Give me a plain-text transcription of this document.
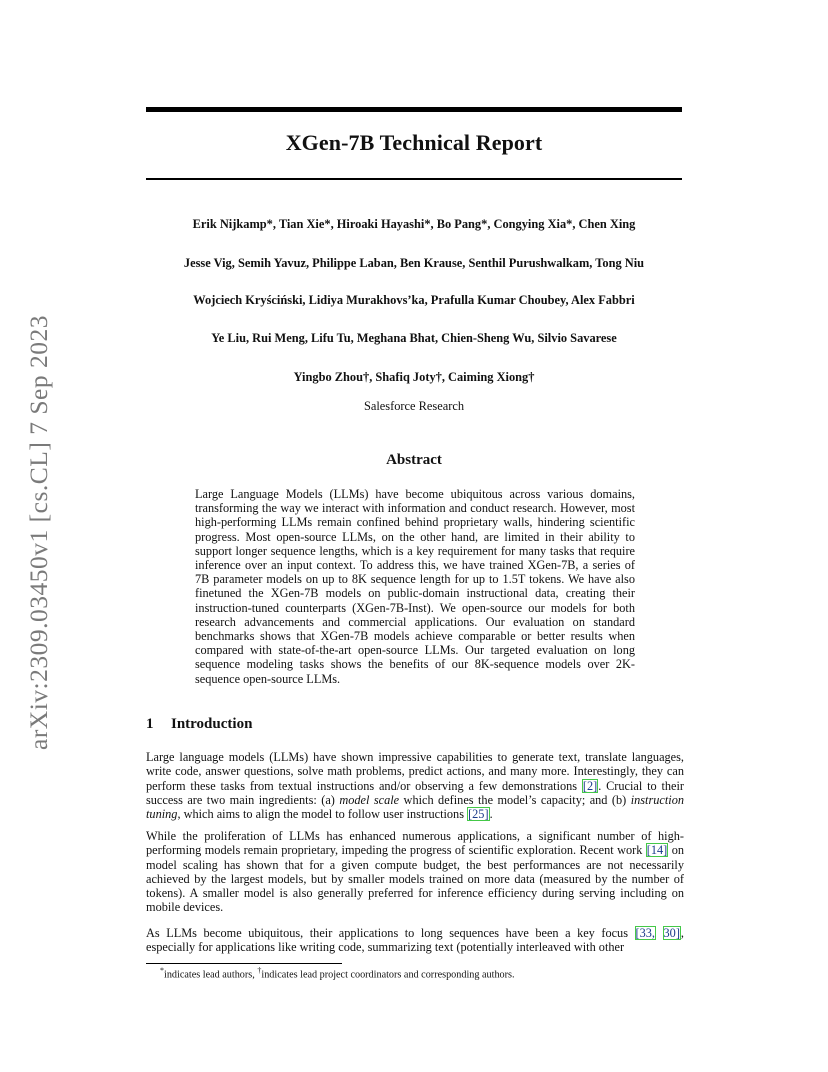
arXiv:2309.03450v1 [cs.CL] 7 Sep 2023
XGen-7B Technical Report
Erik Nijkamp*, Tian Xie*, Hiroaki Hayashi*, Bo Pang*, Congying Xia*, Chen Xing
Jesse Vig, Semih Yavuz, Philippe Laban, Ben Krause, Senthil Purushwalkam, Tong Niu
Wojciech Kryściński, Lidiya Murakhovs’ka, Prafulla Kumar Choubey, Alex Fabbri
Ye Liu, Rui Meng, Lifu Tu, Meghana Bhat, Chien-Sheng Wu, Silvio Savarese
Yingbo Zhou†, Shafiq Joty†, Caiming Xiong†
Salesforce Research
Abstract
Large Language Models (LLMs) have become ubiquitous across various domains, transforming the way we interact with information and conduct research. However, most high-performing LLMs remain confined behind proprietary walls, hindering scientific progress. Most open-source LLMs, on the other hand, are limited in their ability to support longer sequence lengths, which is a key requirement for many tasks that require inference over an input context. To address this, we have trained XGen-7B, a series of 7B parameter models on up to 8K sequence length for up to 1.5T tokens. We have also finetuned the XGen-7B models on public-domain instructional data, creating their instruction-tuned counterparts (XGen-7B-Inst). We open-source our models for both research advancements and commercial applications. Our evaluation on standard benchmarks shows that XGen-7B models achieve comparable or better results when compared with state-of-the-art open-source LLMs. Our targeted evaluation on long sequence modeling tasks shows the benefits of our 8K-sequence models over 2K-sequence open-source LLMs.
1 Introduction

Large language models (LLMs) have shown impressive capabilities to generate text, translate languages, write code, answer questions, solve math problems, predict actions, and many more. Interestingly, they can perform these tasks from textual instructions and/or observing a few demonstrations [2]. Crucial to their success are two main ingredients: (a) model scale which defines the model’s capacity; and (b) instruction tuning, which aims to align the model to follow user instructions [25].

While the proliferation of LLMs has enhanced numerous applications, a significant number of high-performing models remain proprietary, impeding the progress of scientific exploration. Recent work [14] on model scaling has shown that for a given compute budget, the best performances are not necessarily achieved by the largest models, but by smaller models trained on more data (measured by the number of tokens). A smaller model is also generally preferred for inference efficiency during serving including on mobile devices.

As LLMs become ubiquitous, their applications to long sequences have been a key focus [33, 30], especially for applications like writing code, summarizing text (potentially interleaved with other

*indicates lead authors, †indicates lead project coordinators and corresponding authors.
